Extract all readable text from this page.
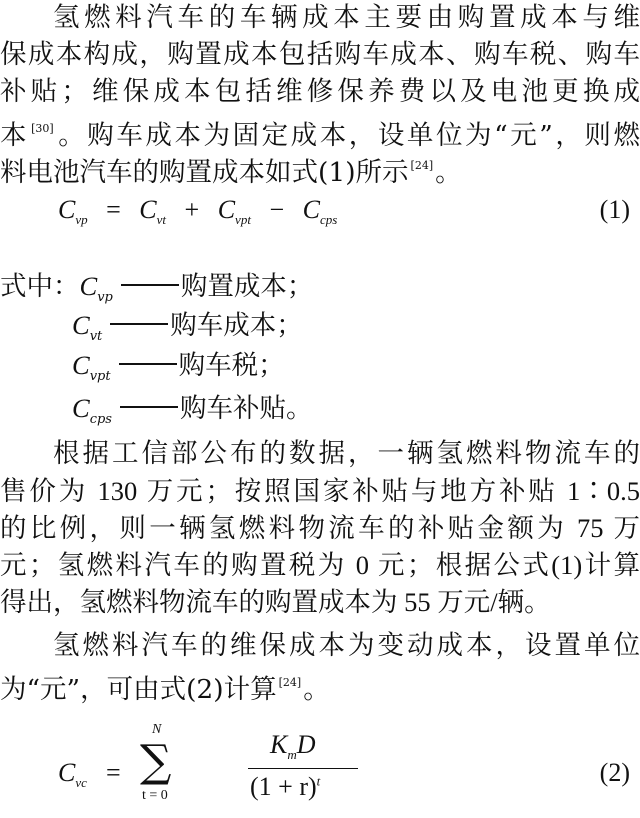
氢燃料汽车的车辆成本主要由购置成本与维
保成本构成，购置成本包括购车成本、购车税、购车
补贴；维保成本包括维修保养费以及电池更换成
本 [30]。购车成本为固定成本，设单位为“元”，则燃
料电池汽车的购置成本如式(1)所示 [24]。
$C_{vp} = C_{vt} + C_{vpt} - C_{cps}$	(1)
式中：$C_{vp}$	购置成本；
$C_{vt}$	购车成本；
$C_{vpt}$	购车税；
$C_{cps}$	购车补贴。
根据工信部公布的数据，一辆氢燃料物流车的
售价为 130 万元；按照国家补贴与地方补贴 1∶0.5
的比例，则一辆氢燃料物流车的补贴金额为 75 万
元；氢燃料汽车的购置税为 0 元；根据公式(1)计算
得出，氢燃料物流车的购置成本为 55 万元/辆。
氢燃料汽车的维保成本为变动成本，设置单位
为“元”，可由式(2)计算 [24]。
$C_{vc}$ =
N
∑
t = 0
$K_mD$
$(1 + r)^t$	(2)
